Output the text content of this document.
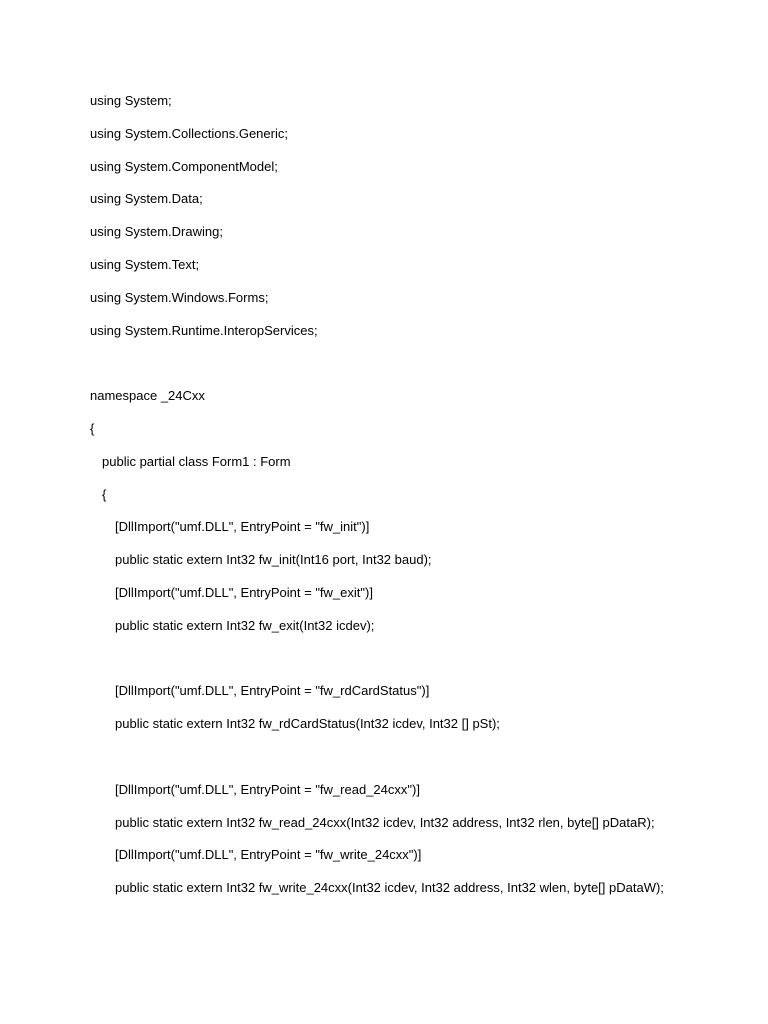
using System;
using System.Collections.Generic;
using System.ComponentModel;
using System.Data;
using System.Drawing;
using System.Text;
using System.Windows.Forms;
using System.Runtime.InteropServices;
namespace _24Cxx
{
public partial class Form1 : Form
{
[DllImport("umf.DLL", EntryPoint = "fw_init")]
public static extern Int32 fw_init(Int16 port, Int32 baud);
[DllImport("umf.DLL", EntryPoint = "fw_exit")]
public static extern Int32 fw_exit(Int32 icdev);
[DllImport("umf.DLL", EntryPoint = "fw_rdCardStatus")]
public static extern Int32 fw_rdCardStatus(Int32 icdev, Int32 [] pSt);
[DllImport("umf.DLL", EntryPoint = "fw_read_24cxx")]
public static extern Int32 fw_read_24cxx(Int32 icdev, Int32 address, Int32 rlen, byte[] pDataR);
[DllImport("umf.DLL", EntryPoint = "fw_write_24cxx")]
public static extern Int32 fw_write_24cxx(Int32 icdev, Int32 address, Int32 wlen, byte[] pDataW);
